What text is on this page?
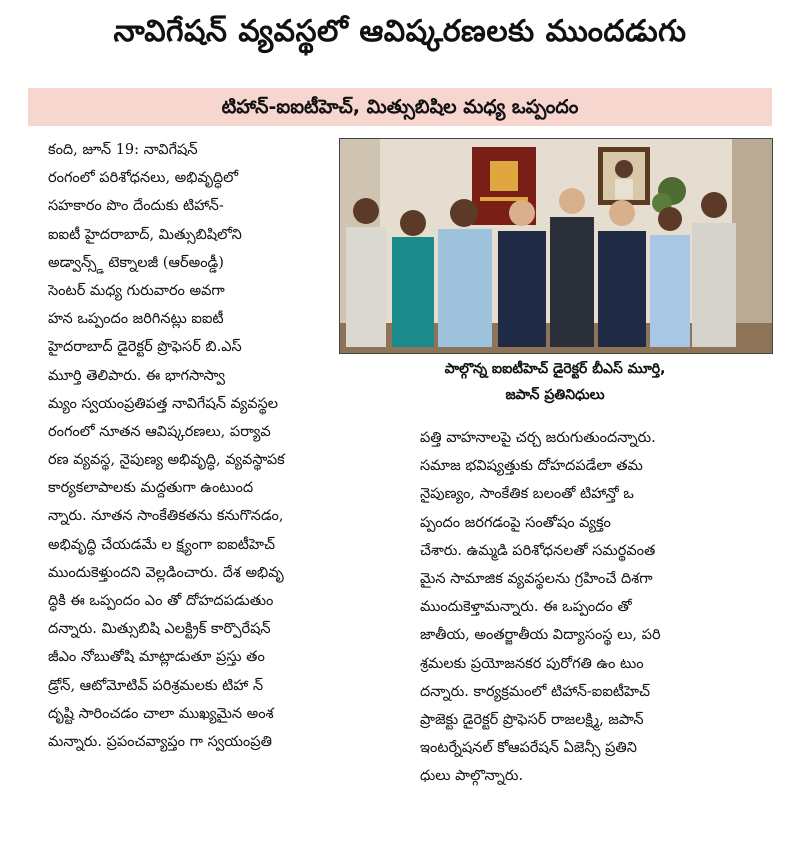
నావిగేషన్ వ్యవస్థలో ఆవిష్కరణలకు ముందడుగు
టిహాన్-ఐఐటీహెచ్, మిత్సుబిషిల మధ్య ఒప్పందం
కంది, జూన్ 19: నావిగేషన్
రంగంలో పరిశోధనలు, అభివృద్ధిలో
సహకారం పొం దేందుకు టిహాన్-
ఐఐటీ హైదరాబాద్, మిత్సుబిషిలోని
అడ్వాన్స్డ్ టెక్నాలజీ (ఆర్అండ్డీ)
సెంటర్ మధ్య గురువారం అవగా
హన ఒప్పందం జరిగినట్లు ఐఐటీ
హైదరాబాద్ డైరెక్టర్ ప్రొఫెసర్ బి.ఎస్
మూర్తి తెలిపారు. ఈ భాగసాస్వా
మ్యం స్వయంప్రతిపత్త నావిగేషన్ వ్యవస్థల
రంగంలో నూతన ఆవిష్కరణలు, పర్యావ
రణ వ్యవస్థ, నైపుణ్య అభివృద్ధి, వ్యవస్థాపక
కార్యకలాపాలకు మద్దతుగా ఉంటుంద
న్నారు. నూతన సాంకేతికతను కనుగొనడం,
అభివృద్ధి చేయడమే ల క్ష్యంగా ఐఐటీహెచ్
ముందుకెళ్తుందని వెల్లడించారు. దేశ అభివృ
ద్ధికి ఈ ఒప్పందం ఎం తో దోహదపడుతుం
దన్నారు. మిత్సుబిషి ఎలక్ట్రిక్ కార్పొరేషన్
జీఎం నోబుతోషి మాట్లాడుతూ ప్రస్తు తం
డ్రోన్, ఆటోమోటివ్ పరిశ్రమలకు టిహా న్
దృష్టి సారించడం చాలా ముఖ్యమైన అంశ
మన్నారు. ప్రపంచవ్యాప్తం గా స్వయంప్రతి
పాల్గొన్న ఐఐటీహెచ్ డైరెక్టర్ బీఎస్ మూర్తి,
జపాన్ ప్రతినిధులు
పత్తి వాహనాలపై చర్చ జరుగుతుందన్నారు.
సమాజ భవిష్యత్తుకు దోహదపడేలా తమ
నైపుణ్యం, సాంకేతిక బలంతో టిహాన్తో ఒ
ప్పందం జరగడంపై సంతోషం వ్యక్తం
చేశారు. ఉమ్మడి పరిశోధనలతో సమర్థవంత
మైన సామాజిక వ్యవస్థలను గ్రహించే దిశగా
ముందుకెళ్తామన్నారు. ఈ ఒప్పందం తో
జాతీయ, అంతర్జాతీయ విద్యాసంస్థ లు, పరి
శ్రమలకు ప్రయోజనకర పురోగతి ఉం టుం
దన్నారు. కార్యక్రమంలో టిహాన్-ఐఐటీహెచ్
ప్రాజెక్టు డైరెక్టర్ ప్రొఫెసర్ రాజలక్ష్మి, జపాన్
ఇంటర్నేషనల్ కోఆపరేషన్ ఏజెన్సీ ప్రతిని
ధులు పాల్గొన్నారు.
